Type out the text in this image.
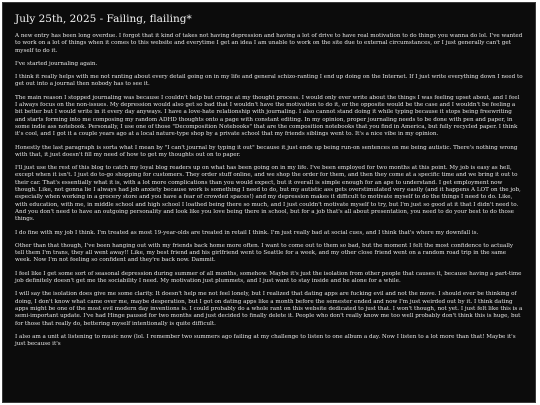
July 25th, 2025 - Failing, flailing*

A new entry has been long overdue. I forgot that it kind of takes not having depression and having a lot of drive to have real motivation to do things you wanna do lol. I've wanted to work on a lot of things when it comes to this website and everytime I get an idea I am unable to work on the site due to external circumstances, or I just generally can't get myself to do it.

I've started journaling again.

I think it really helps with me not ranting about every detail going on in my life and general schizo-ranting I end up doing on the Internet. If I just write everything down I need to get out into a journal then nobody has to see it.

The main reason I stopped journaling was because I couldn't help but cringe at my thought process. I would only ever write about the things I was feeling upset about, and I feel I always focus on the non-issues. My depression would also get so bad that I wouldn't have the motivation to do it, or the opposite would be the case and I wouldn't be feeling a bit better but I would write in it every day anyways. I have a love-hate relationship with journaling. I also cannot stand doing it while typing because it stops being freewriting and starts forming into me composing my random ADHD thoughts onto a page with constant editing. In my opinion, proper journaling needs to be done with pen and paper, in some indie ass notebook. Personally, I use one of those "Decomposition Notebooks" that are the composition notebooks that you find in America, but fully recycled paper. I think it's cool, and I got it a couple years ago at a local nature-type shop by a private school that my friends siblings went to. It's a nice vibe in my opinion.

Honestly the last paragraph is sorta what I mean by "I can't journal by typing it out" because it just ends up being run-on sentences on me being autistic. There's nothing wrong with that, it just doesn't fill my need of how to get my thoughts out on to paper.

I'll just use the rest of this blog to catch my loyal blog readers up on what has been going on in my life. I've been employed for two months at this point. My job is easy as hell, except when it isn't. I just do to-go shopping for customers. They order stuff online, and we shop the order for them, and then they come at a specific time and we bring it out to their car. That's essentially what it is, with a lot more complications than you would expect, but it overall is simple enough for an ape to understand. I get employment now though. Like, not gonna lie I always had job anxiety because work is something I need to do, but my autistic ass gets overstimulated very easily (and it happens A LOT on the job, especially when working in a grocery store and you have a fear of crowded spaces!) and my depression makes it difficult to motivate myself to do the things I need to do. Like, with education, with me, in middle school and high school I loathed being there so much, and I just couldn't motivate myself to try, but I'm just so good at it that I didn't need to. And you don't need to have an outgoing personality and look like you love being there in school, but for a job that's all about presentation, you need to do your best to do those things.

I do fine with my job I think. I'm treated as most 19-year-olds are treated in retail I think. I'm just really bad at social cues, and I think that's where my downfall is.

Other than that though, I've been hanging out with my friends back home more often. I want to come out to them so bad, but the moment I felt the most confidence to actually tell them I'm trans, they all went away!! Like, my best friend and his girlfriend went to Seattle for a week, and my other close friend went on a random road trip in the same week. Now I'm not feeling so confident and they're back now. Dammit.

I feel like I get some sort of seasonal depression during summer of all months, somehow. Maybe it's just the isolation from other people that causes it, because having a part-time job definitely doesn't get me the sociability I need. My motivation just plummets, and I just want to stay inside and be alone for a while.

I will say the isolation does give me some clarity. It doesn't help me not feel lonely, but I realized that dating apps are fucking evil and not the move. I should ever be thinking of doing, I don't know what came over me, maybe desperation, but I got on dating apps like a month before the semester ended and now I'm just weirded out by it. I think dating apps might be one of the most evil modern day inventions is. I could probably do a whole rant on this website dedicated to just that. I won't though, not yet. I just felt like this is a semi-important update. I've had Hinge paused for two months and just decided to finally delete it. People who don't really know me too well probably don't think this is huge, but for those that really do, bettering myself intentionally is quite difficult.

I also am a unit at listening to music now (lol. I remember two summers ago failing at my challenge to listen to one album a day. Now I listen to a lot more than that! Maybe it's just because it's
